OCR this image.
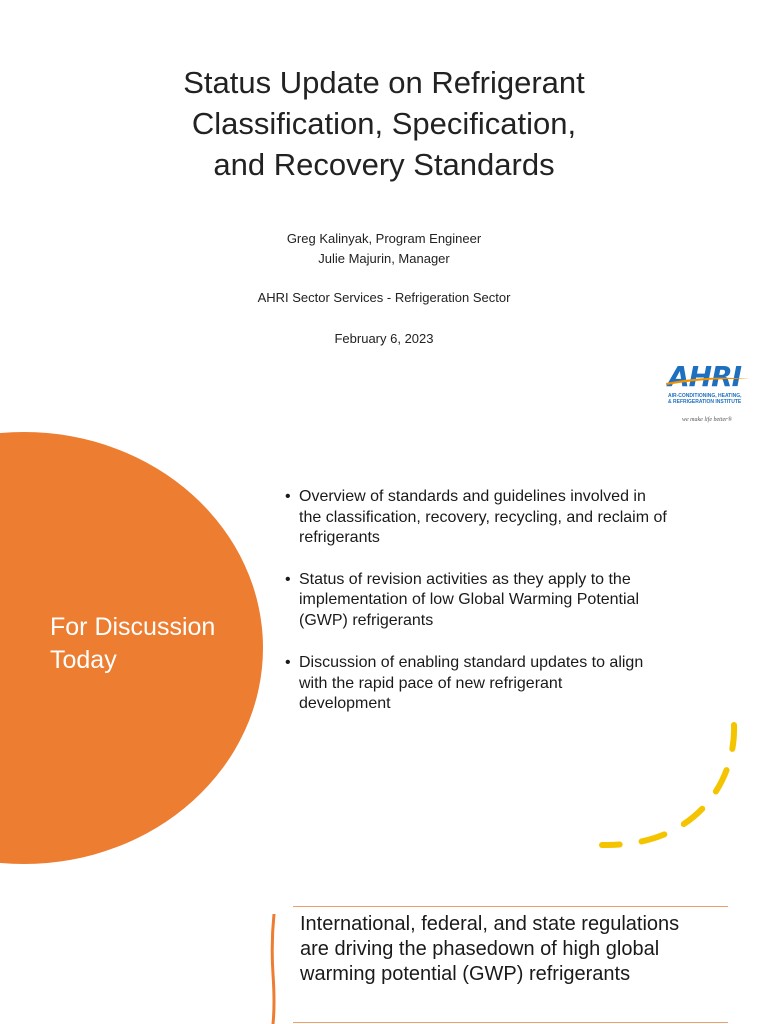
Status Update on Refrigerant
Classification, Specification,
and Recovery Standards
Greg Kalinyak, Program Engineer
Julie Majurin, Manager
AHRI Sector Services - Refrigeration Sector
February 6, 2023
AHRI
AIR-CONDITIONING, HEATING,
& REFRIGERATION INSTITUTE
we make life better®
For Discussion
Today
• Overview of standards and guidelines involved in
the classification, recovery, recycling, and reclaim of
refrigerants
• Status of revision activities as they apply to the
implementation of low Global Warming Potential
(GWP) refrigerants
• Discussion of enabling standard updates to align
with the rapid pace of new refrigerant
development
International, federal, and state regulations
are driving the phasedown of high global
warming potential (GWP) refrigerants
